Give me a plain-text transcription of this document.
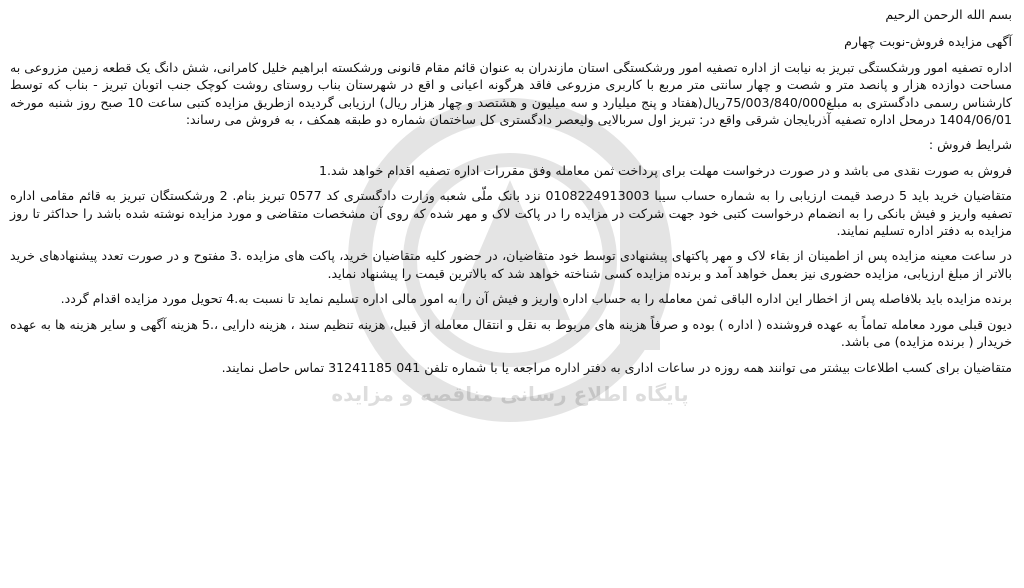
پایگاه اطلاع رسانی مناقصه و مزایده

بسم الله الرحمن الرحیم

آگهی مزایده فروش-نوبت چهارم

اداره تصفیه امور ورشکستگی تبریز به نیابت از اداره تصفیه امور ورشکستگی استان مازندران به عنوان قائم مقام قانونی ورشکسته ابراهیم خلیل کامرانی، شش دانگ یک قطعه زمین مزروعی به مساحت دوازده هزار و پانصد متر و شصت و چهار سانتی متر مربع با کاربری مزروعی فاقد هرگونه اعیانی و اقع در شهرستان بناب روستای روشت کوچک جنب اتوبان تبریز - بناب که توسط کارشناس رسمی دادگستری به مبلغ75/003/840/000ریال(هفتاد و پنج میلیارد و سه میلیون و هشتصد و چهار هزار ریال) ارزیابی گردیده ازطریق مزایده کتبی ساعت 10 صبح روز شنبه مورخه 1404/06/01 درمحل اداره تصفیه آذربایجان شرقی واقع در: تبریز اول سربالایی ولیعصر دادگستری کل ساختمان شماره دو طبقه همکف ، به فروش می رساند:

شرایط فروش :

فروش به صورت نقدی می باشد و در صورت درخواست مهلت برای پرداخت ثمن معامله وفق مقررات اداره تصفیه اقدام خواهد شد.1

متقاضیان خرید باید 5 درصد قیمت ارزیابی را به شماره حساب سیبا 0108224913003 نزد بانک ملّی شعبه وزارت دادگستری کد 0577 تبریز بنام. 2 ورشکستگان تبریز به قائم مقامی اداره تصفیه واریز و فیش بانکی را به انضمام درخواست کتبی خود جهت شرکت در مزایده را در پاکت لاک و مهر شده که روی آن مشخصات متقاضی و مورد مزایده نوشته شده باشد را حداکثر تا روز مزایده به دفتر اداره تسلیم نمایند.

در ساعت معینه مزایده پس از اطمینان از بقاء لاک و مهر پاکتهای پیشنهادی توسط خود متقاضیان، در حضور کلیه متقاضیان خرید، پاکت های مزایده .3 مفتوح و در صورت تعدد پیشنهادهای خرید بالاتر از مبلغ ارزیابی، مزایده حضوری نیز بعمل خواهد آمد و برنده مزایده کسی شناخته خواهد شد که بالاترین قیمت را پیشنهاد نماید.

برنده مزایده باید بلافاصله پس از اخطار این اداره الباقی ثمن معامله را به حساب اداره واریز و فیش آن را به امور مالی اداره تسلیم نماید تا نسبت به.4 تحویل مورد مزایده اقدام گردد.

دیون قبلی مورد معامله تماماً به عهده فروشنده ( اداره ) بوده و صرفاً هزینه های مربوط به نقل و انتقال معامله از قبیل، هزینه تنظیم سند ، هزینه دارایی ،.5 هزینه آگهی و سایر هزینه ها به عهده خریدار ( برنده مزایده) می باشد.

متقاضیان برای کسب اطلاعات بیشتر می توانند همه روزه در ساعات اداری به دفتر اداره مراجعه یا با شماره تلفن 041 31241185 تماس حاصل نمایند.
